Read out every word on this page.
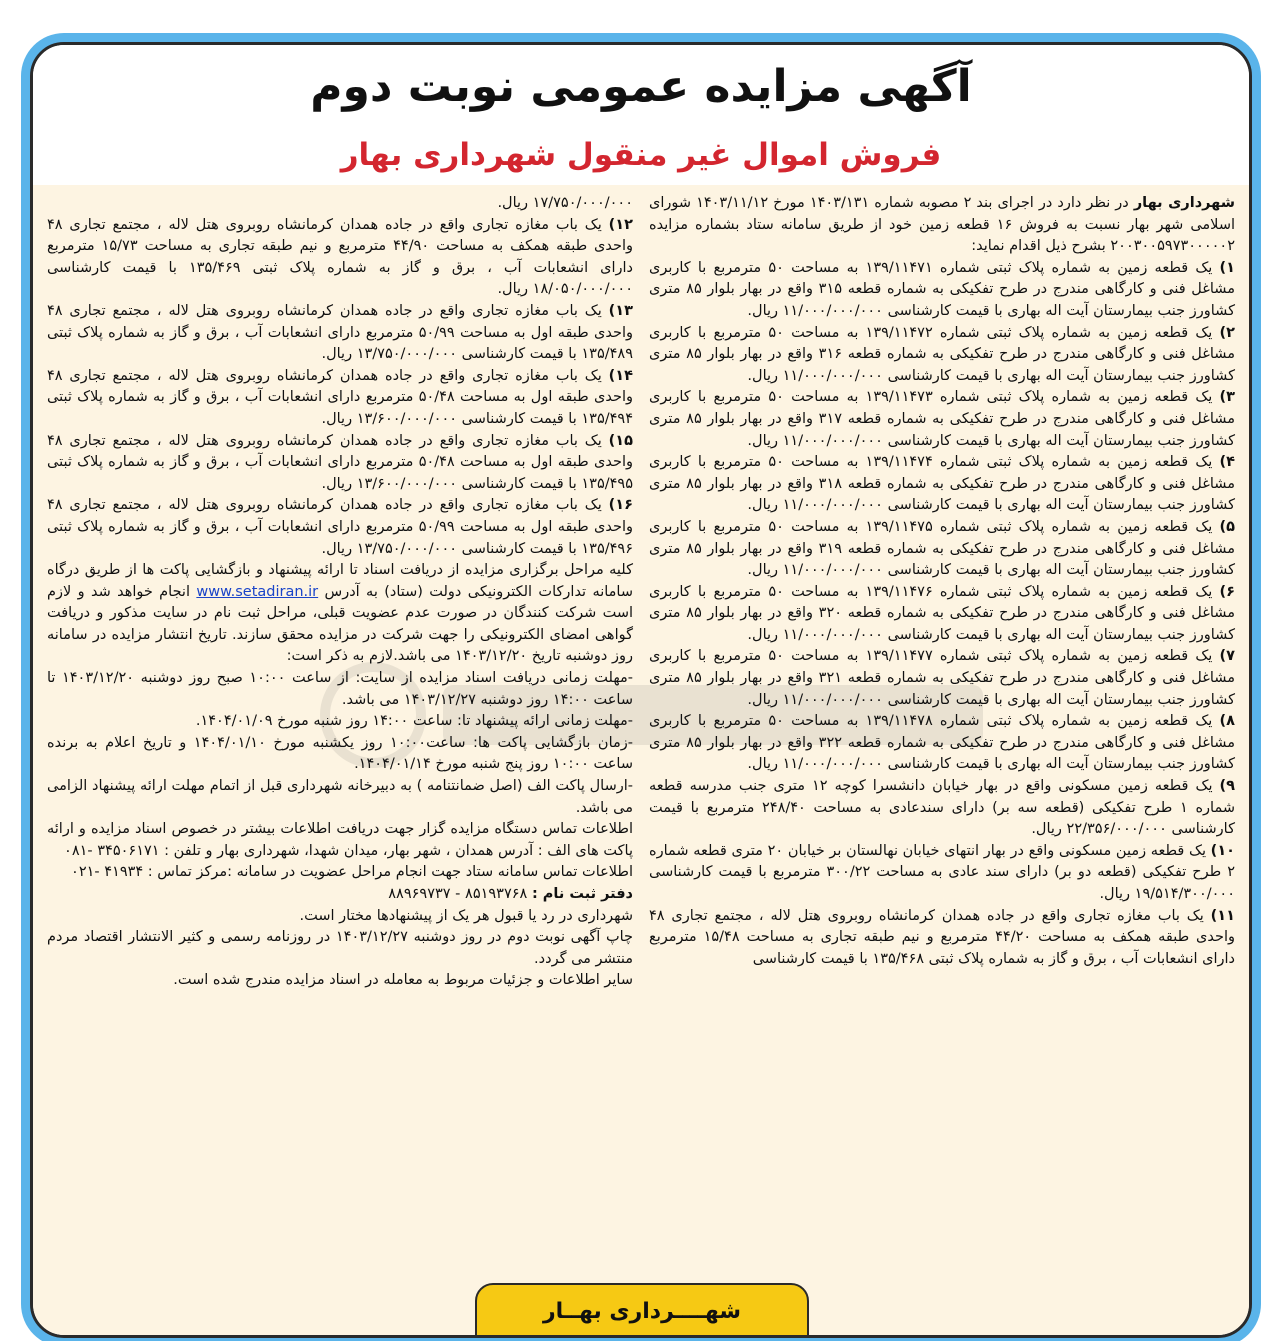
آگهی مزایده عمومی نوبت دوم
فروش اموال غیر منقول شهرداری بهار

شهرداری بهار در نظر دارد در اجرای بند ۲ مصوبه شماره ۱۴۰۳/۱۳۱ مورخ ۱۴۰۳/۱۱/۱۲ شورای اسلامی شهر بهار نسبت به فروش ۱۶ قطعه زمین خود از طریق سامانه ستاد بشماره مزایده ۲۰۰۳۰۰۵۹۷۳۰۰۰۰۰۲ بشرح ذیل اقدام نماید:

۱) یک قطعه زمین به شماره پلاک ثبتی شماره ۱۳۹/۱۱۴۷۱ به مساحت ۵۰ مترمربع با کاربری مشاغل فنی و کارگاهی مندرج در طرح تفکیکی به شماره قطعه ۳۱۵ واقع در بهار بلوار ۸۵ متری کشاورز جنب بیمارستان آیت اله بهاری با قیمت کارشناسی ۱۱/۰۰۰/۰۰۰/۰۰۰ ریال.

۲) یک قطعه زمین به شماره پلاک ثبتی شماره ۱۳۹/۱۱۴۷۲ به مساحت ۵۰ مترمربع با کاربری مشاغل فنی و کارگاهی مندرج در طرح تفکیکی به شماره قطعه ۳۱۶ واقع در بهار بلوار ۸۵ متری کشاورز جنب بیمارستان آیت اله بهاری با قیمت کارشناسی ۱۱/۰۰۰/۰۰۰/۰۰۰ ریال.

۳) یک قطعه زمین به شماره پلاک ثبتی شماره ۱۳۹/۱۱۴۷۳ به مساحت ۵۰ مترمربع با کاربری مشاغل فنی و کارگاهی مندرج در طرح تفکیکی به شماره قطعه ۳۱۷ واقع در بهار بلوار ۸۵ متری کشاورز جنب بیمارستان آیت اله بهاری با قیمت کارشناسی ۱۱/۰۰۰/۰۰۰/۰۰۰ ریال.

۴) یک قطعه زمین به شماره پلاک ثبتی شماره ۱۳۹/۱۱۴۷۴ به مساحت ۵۰ مترمربع با کاربری مشاغل فنی و کارگاهی مندرج در طرح تفکیکی به شماره قطعه ۳۱۸ واقع در بهار بلوار ۸۵ متری کشاورز جنب بیمارستان آیت اله بهاری با قیمت کارشناسی ۱۱/۰۰۰/۰۰۰/۰۰۰ ریال.

۵) یک قطعه زمین به شماره پلاک ثبتی شماره ۱۳۹/۱۱۴۷۵ به مساحت ۵۰ مترمربع با کاربری مشاغل فنی و کارگاهی مندرج در طرح تفکیکی به شماره قطعه ۳۱۹ واقع در بهار بلوار ۸۵ متری کشاورز جنب بیمارستان آیت اله بهاری با قیمت کارشناسی ۱۱/۰۰۰/۰۰۰/۰۰۰ ریال.

۶) یک قطعه زمین به شماره پلاک ثبتی شماره ۱۳۹/۱۱۴۷۶ به مساحت ۵۰ مترمربع با کاربری مشاغل فنی و کارگاهی مندرج در طرح تفکیکی به شماره قطعه ۳۲۰ واقع در بهار بلوار ۸۵ متری کشاورز جنب بیمارستان آیت اله بهاری با قیمت کارشناسی ۱۱/۰۰۰/۰۰۰/۰۰۰ ریال.

۷) یک قطعه زمین به شماره پلاک ثبتی شماره ۱۳۹/۱۱۴۷۷ به مساحت ۵۰ مترمربع با کاربری مشاغل فنی و کارگاهی مندرج در طرح تفکیکی به شماره قطعه ۳۲۱ واقع در بهار بلوار ۸۵ متری کشاورز جنب بیمارستان آیت اله بهاری با قیمت کارشناسی ۱۱/۰۰۰/۰۰۰/۰۰۰ ریال.

۸) یک قطعه زمین به شماره پلاک ثبتی شماره ۱۳۹/۱۱۴۷۸ به مساحت ۵۰ مترمربع با کاربری مشاغل فنی و کارگاهی مندرج در طرح تفکیکی به شماره قطعه ۳۲۲ واقع در بهار بلوار ۸۵ متری کشاورز جنب بیمارستان آیت اله بهاری با قیمت کارشناسی ۱۱/۰۰۰/۰۰۰/۰۰۰ ریال.

۹) یک قطعه زمین مسکونی واقع در بهار خیابان دانشسرا کوچه ۱۲ متری جنب مدرسه قطعه شماره ۱ طرح تفکیکی (قطعه سه بر) دارای سندعادی به مساحت ۲۴۸/۴۰ مترمربع با قیمت کارشناسی ۲۲/۳۵۶/۰۰۰/۰۰۰ ریال.

۱۰) یک قطعه زمین مسکونی واقع در بهار انتهای خیابان نهالستان بر خیابان ۲۰ متری قطعه شماره ۲ طرح تفکیکی (قطعه دو بر) دارای سند عادی به مساحت ۳۰۰/۲۲ مترمربع با قیمت کارشناسی ۱۹/۵۱۴/۳۰۰/۰۰۰ ریال.

۱۱) یک باب مغازه تجاری واقع در جاده همدان کرمانشاه روبروی هتل لاله ، مجتمع تجاری ۴۸ واحدی طبقه همکف به مساحت ۴۴/۲۰ مترمربع و نیم طبقه تجاری به مساحت ۱۵/۴۸ مترمربع دارای انشعابات آب ، برق و گاز به شماره پلاک ثبتی ۱۳۵/۴۶۸ با قیمت کارشناسی

۱۷/۷۵۰/۰۰۰/۰۰۰ ریال.

۱۲) یک باب مغازه تجاری واقع در جاده همدان کرمانشاه روبروی هتل لاله ، مجتمع تجاری ۴۸ واحدی طبقه همکف به مساحت ۴۴/۹۰ مترمربع و نیم طبقه تجاری به مساحت ۱۵/۷۳ مترمربع دارای انشعابات آب ، برق و گاز به شماره پلاک ثبتی ۱۳۵/۴۶۹ با قیمت کارشناسی ۱۸/۰۵۰/۰۰۰/۰۰۰ ریال.

۱۳) یک باب مغازه تجاری واقع در جاده همدان کرمانشاه روبروی هتل لاله ، مجتمع تجاری ۴۸ واحدی طبقه اول به مساحت ۵۰/۹۹ مترمربع دارای انشعابات آب ، برق و گاز به شماره پلاک ثبتی ۱۳۵/۴۸۹ با قیمت کارشناسی ۱۳/۷۵۰/۰۰۰/۰۰۰ ریال.

۱۴) یک باب مغازه تجاری واقع در جاده همدان کرمانشاه روبروی هتل لاله ، مجتمع تجاری ۴۸ واحدی طبقه اول به مساحت ۵۰/۴۸ مترمربع دارای انشعابات آب ، برق و گاز به شماره پلاک ثبتی ۱۳۵/۴۹۴ با قیمت کارشناسی ۱۳/۶۰۰/۰۰۰/۰۰۰ ریال.

۱۵) یک باب مغازه تجاری واقع در جاده همدان کرمانشاه روبروی هتل لاله ، مجتمع تجاری ۴۸ واحدی طبقه اول به مساحت ۵۰/۴۸ مترمربع دارای انشعابات آب ، برق و گاز به شماره پلاک ثبتی ۱۳۵/۴۹۵ با قیمت کارشناسی ۱۳/۶۰۰/۰۰۰/۰۰۰ ریال.

۱۶) یک باب مغازه تجاری واقع در جاده همدان کرمانشاه روبروی هتل لاله ، مجتمع تجاری ۴۸ واحدی طبقه اول به مساحت ۵۰/۹۹ مترمربع دارای انشعابات آب ، برق و گاز به شماره پلاک ثبتی ۱۳۵/۴۹۶ با قیمت کارشناسی ۱۳/۷۵۰/۰۰۰/۰۰۰ ریال.

کلیه مراحل برگزاری مزایده از دریافت اسناد تا ارائه پیشنهاد و بازگشایی پاکت ها از طریق درگاه سامانه تدارکات الکترونیکی دولت (ستاد) به آدرس www.setadiran.ir انجام خواهد شد و لازم است شرکت کنندگان در صورت عدم عضویت قبلی، مراحل ثبت نام در سایت مذکور و دریافت گواهی امضای الکترونیکی را جهت شرکت در مزایده محقق سازند. تاریخ انتشار مزایده در سامانه روز دوشنبه تاریخ ۱۴۰۳/۱۲/۲۰ می باشد.لازم به ذکر است:

-مهلت زمانی دریافت اسناد مزایده از سایت: از ساعت ۱۰:۰۰ صبح روز دوشنبه ۱۴۰۳/۱۲/۲۰ تا ساعت ۱۴:۰۰ روز دوشنبه ۱۴۰۳/۱۲/۲۷ می باشد.

-مهلت زمانی ارائه پیشنهاد تا: ساعت ۱۴:۰۰ روز شنبه مورخ ۱۴۰۴/۰۱/۰۹.

-زمان بازگشایی پاکت ها: ساعت۱۰:۰۰ روز یکشنبه مورخ ۱۴۰۴/۰۱/۱۰ و تاریخ اعلام به برنده ساعت ۱۰:۰۰ روز پنج شنبه مورخ ۱۴۰۴/۰۱/۱۴.

-ارسال پاکت الف (اصل ضمانتنامه ) به دبیرخانه شهرداری قبل از اتمام مهلت ارائه پیشنهاد الزامی می باشد.

اطلاعات تماس دستگاه مزایده گزار جهت دریافت اطلاعات بیشتر در خصوص اسناد مزایده و ارائه پاکت های الف : آدرس همدان ، شهر بهار، میدان شهدا، شهرداری بهار و تلفن : ۳۴۵۰۶۱۷۱ -۰۸۱

اطلاعات تماس سامانه ستاد جهت انجام مراحل عضویت در سامانه :مرکز تماس : ۴۱۹۳۴ -۰۲۱

دفتر ثبت نام : ۸۵۱۹۳۷۶۸ - ۸۸۹۶۹۷۳۷

شهرداری در رد یا قبول هر یک از پیشنهادها مختار است.

چاپ آگهی نوبت دوم در روز دوشنبه ۱۴۰۳/۱۲/۲۷ در روزنامه رسمی و کثیر الانتشار اقتصاد مردم منتشر می گردد.

سایر اطلاعات و جزئیات مربوط به معامله در اسناد مزایده مندرج شده است.

شهــــرداری بهــار
